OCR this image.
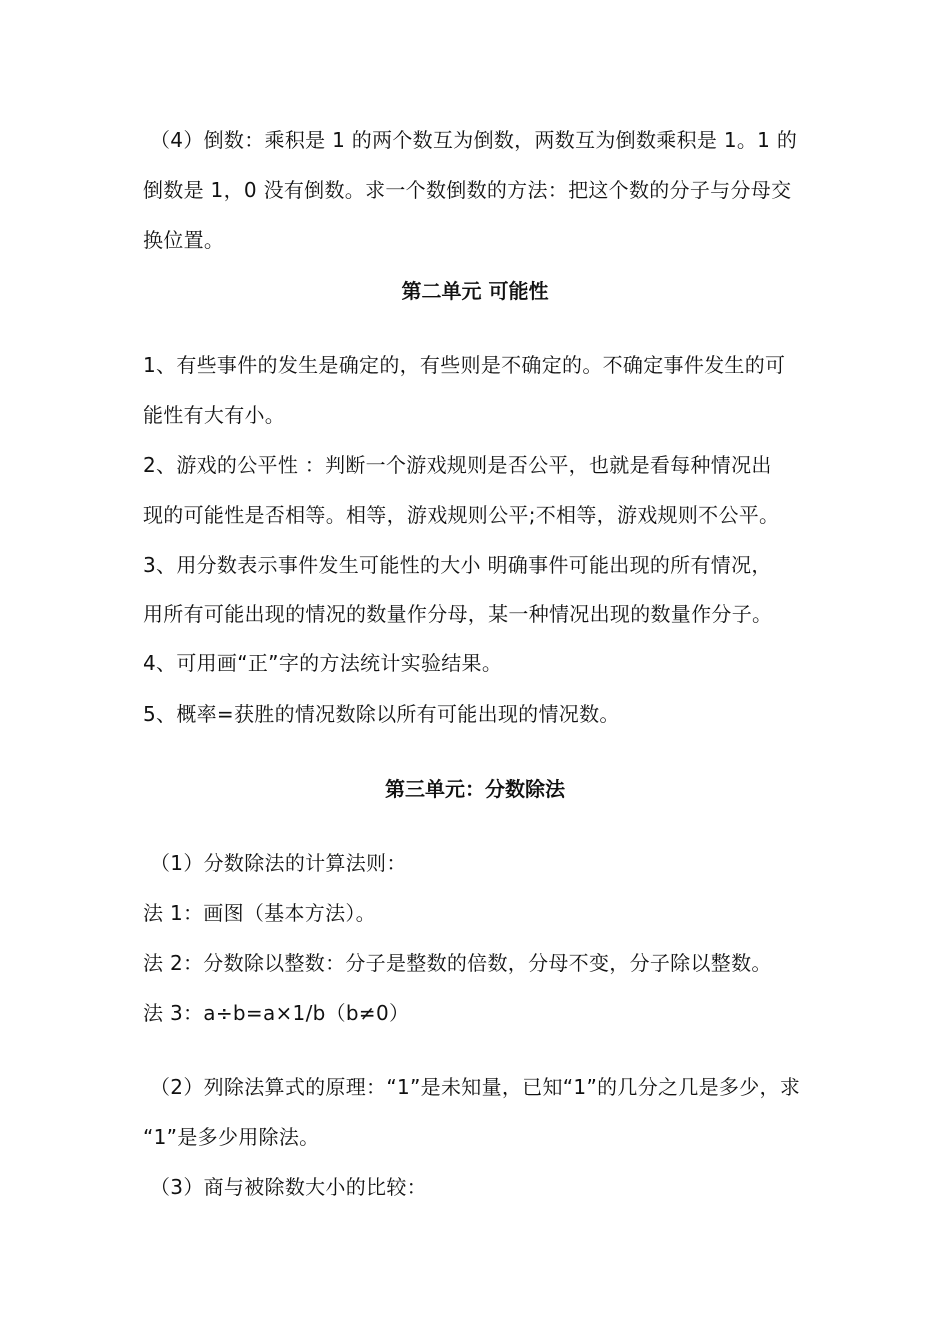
（4）倒数：乘积是 1 的两个数互为倒数，两数互为倒数乘积是 1。1 的
倒数是 1，0 没有倒数。求一个数倒数的方法：把这个数的分子与分母交
换位置。
第二单元 可能性
1、有些事件的发生是确定的，有些则是不确定的。不确定事件发生的可
能性有大有小。
2、游戏的公平性 ：判断一个游戏规则是否公平，也就是看每种情况出
现的可能性是否相等。相等，游戏规则公平;不相等，游戏规则不公平。
3、用分数表示事件发生可能性的大小 明确事件可能出现的所有情况，
用所有可能出现的情况的数量作分母，某一种情况出现的数量作分子。
4、可用画“正”字的方法统计实验结果。
5、概率=获胜的情况数除以所有可能出现的情况数。
第三单元：分数除法
（1）分数除法的计算法则：
法 1：画图（基本方法）。
法 2：分数除以整数：分子是整数的倍数，分母不变，分子除以整数。
法 3：a÷b=a×1/b（b≠0）
（2）列除法算式的原理：“1”是未知量，已知“1”的几分之几是多少，求
“1”是多少用除法。
（3）商与被除数大小的比较：
